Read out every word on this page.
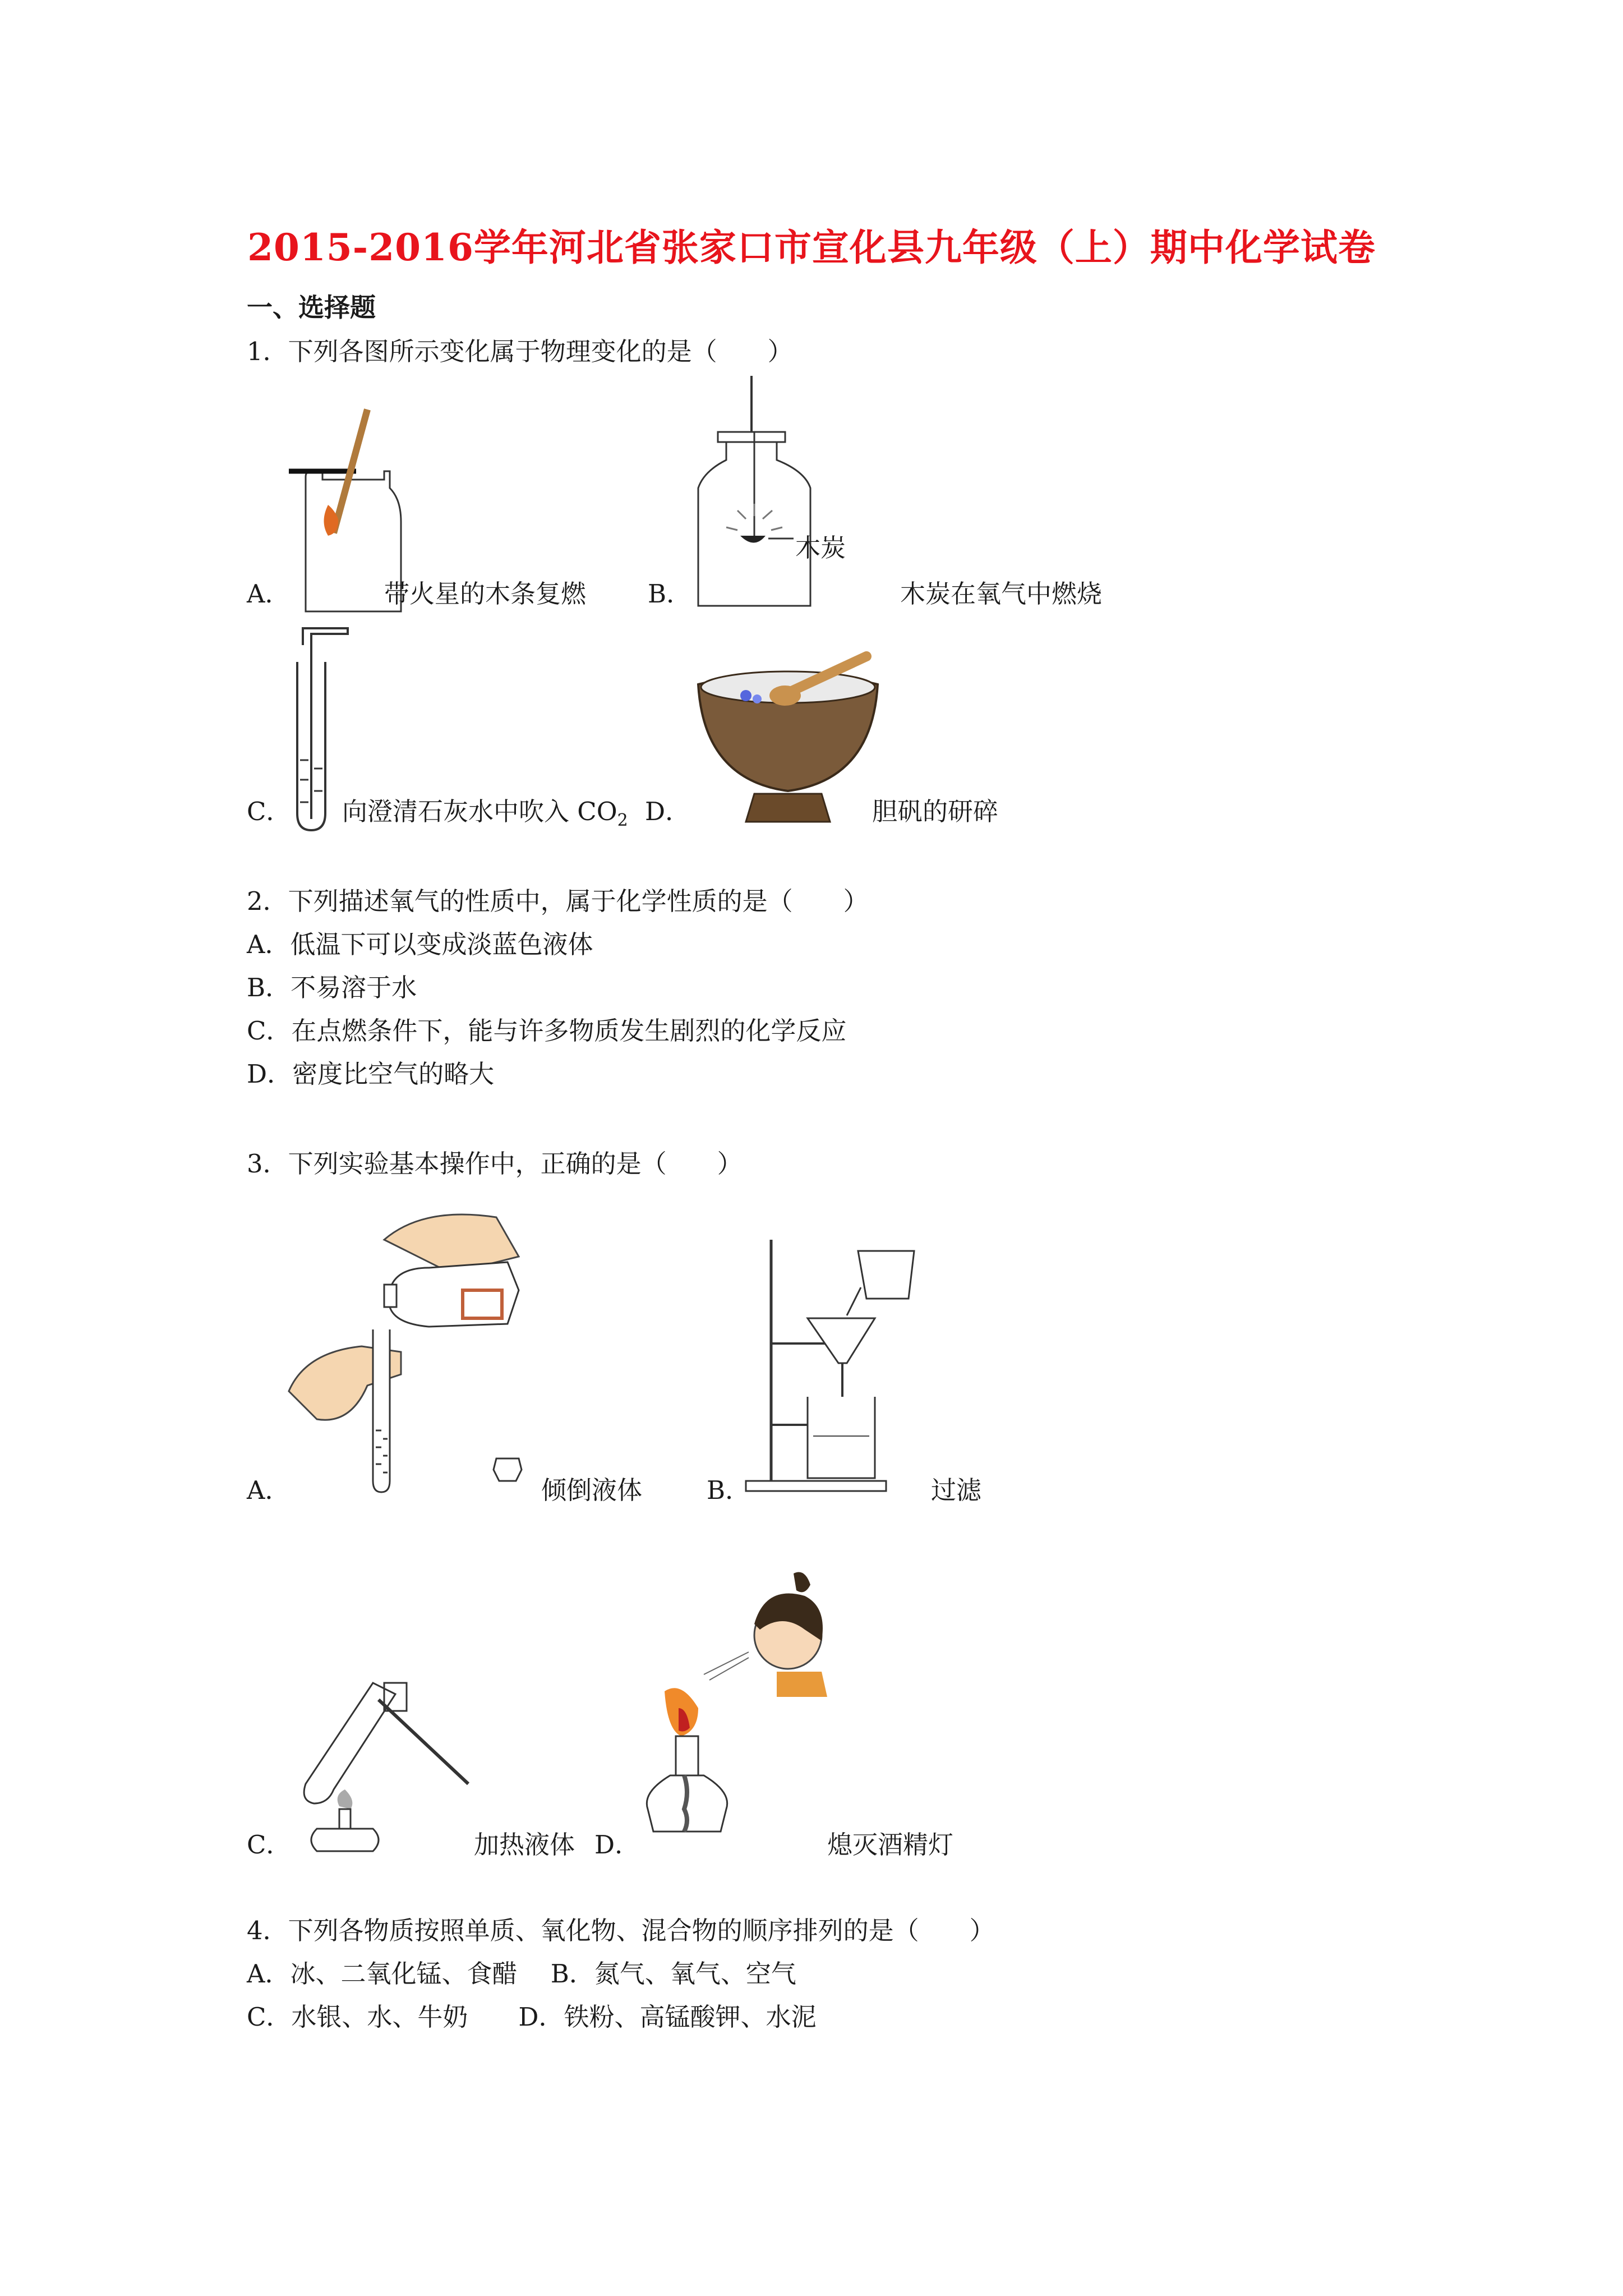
2015-2016学年河北省张家口市宣化县九年级（上）期中化学试卷
一、选择题
1．下列各图所示变化属于物理变化的是（　　）
A．	带火星的木条复燃
木炭
B．	木炭在氧气中燃烧
C． 向澄清石灰水中吹入 $CO_2$ D．	胆矾的研碎
2．下列描述氧气的性质中，属于化学性质的是（　　）
A．低温下可以变成淡蓝色液体
B．不易溶于水
C．在点燃条件下，能与许多物质发生剧烈的化学反应
D．密度比空气的略大
3．下列实验基本操作中，正确的是（　　）
A．	倾倒液体	B．	过滤
C．	加热液体 D．	熄灭酒精灯
4．下列各物质按照单质、氧化物、混合物的顺序排列的是（　　）
A．冰、二氧化锰、食醋　 B．氮气、氧气、空气
C．水银、水、牛奶　　D．铁粉、高锰酸钾、水泥
